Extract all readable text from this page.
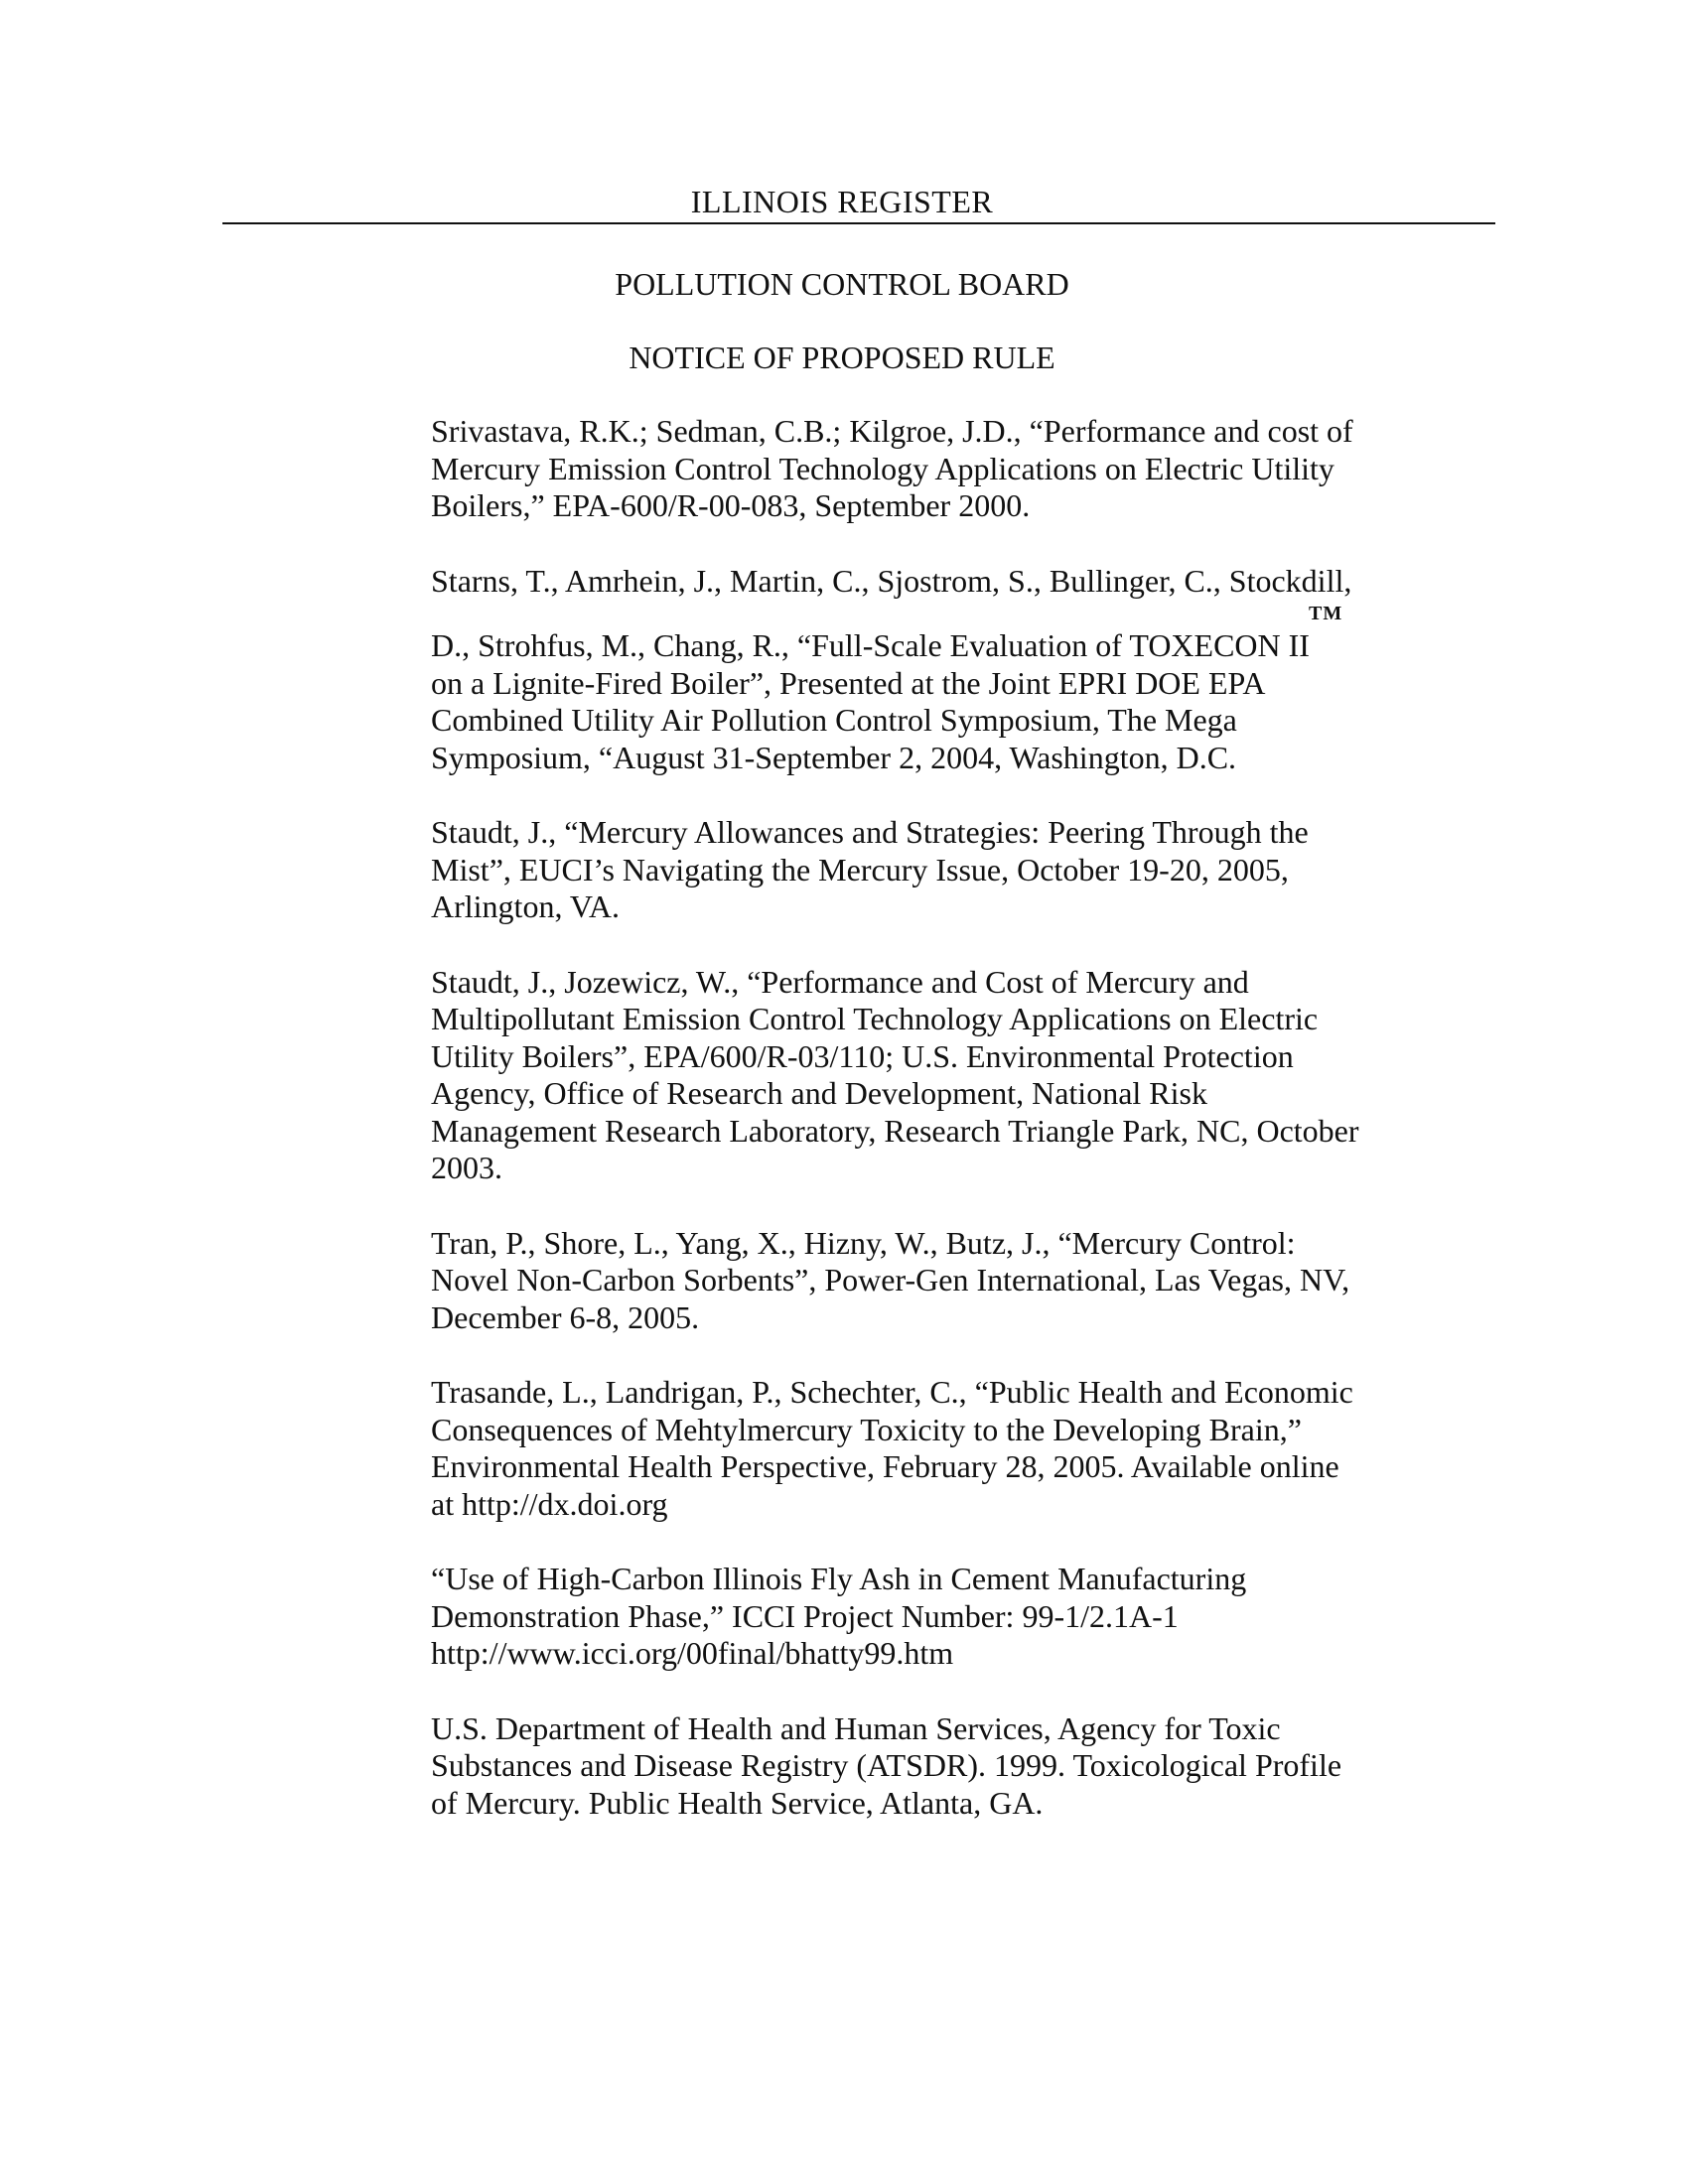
ILLINOIS REGISTER
POLLUTION CONTROL BOARD
NOTICE OF PROPOSED RULE
Srivastava, R.K.; Sedman, C.B.; Kilgroe, J.D., “Performance and cost of
Mercury Emission Control Technology Applications on Electric Utility
Boilers,” EPA-600/R-00-083, September 2000.
Starns, T., Amrhein, J., Martin, C., Sjostrom, S., Bullinger, C., Stockdill,
TM
D., Strohfus, M., Chang, R., “Full-Scale Evaluation of TOXECON II
on a Lignite-Fired Boiler”, Presented at the Joint EPRI DOE EPA
Combined Utility Air Pollution Control Symposium, The Mega
Symposium, “August 31-September 2, 2004, Washington, D.C.
Staudt, J., “Mercury Allowances and Strategies: Peering Through the
Mist”, EUCI’s Navigating the Mercury Issue, October 19-20, 2005,
Arlington, VA.
Staudt, J., Jozewicz, W., “Performance and Cost of Mercury and
Multipollutant Emission Control Technology Applications on Electric
Utility Boilers”, EPA/600/R-03/110; U.S. Environmental Protection
Agency, Office of Research and Development, National Risk
Management Research Laboratory, Research Triangle Park, NC, October
2003.
Tran, P., Shore, L., Yang, X., Hizny, W., Butz, J., “Mercury Control:
Novel Non-Carbon Sorbents”, Power-Gen International, Las Vegas, NV,
December 6-8, 2005.
Trasande, L., Landrigan, P., Schechter, C., “Public Health and Economic
Consequences of Mehtylmercury Toxicity to the Developing Brain,”
Environmental Health Perspective, February 28, 2005. Available online
at http://dx.doi.org
“Use of High-Carbon Illinois Fly Ash in Cement Manufacturing
Demonstration Phase,” ICCI Project Number: 99-1/2.1A-1
http://www.icci.org/00final/bhatty99.htm
U.S. Department of Health and Human Services, Agency for Toxic
Substances and Disease Registry (ATSDR). 1999. Toxicological Profile
of Mercury. Public Health Service, Atlanta, GA.
